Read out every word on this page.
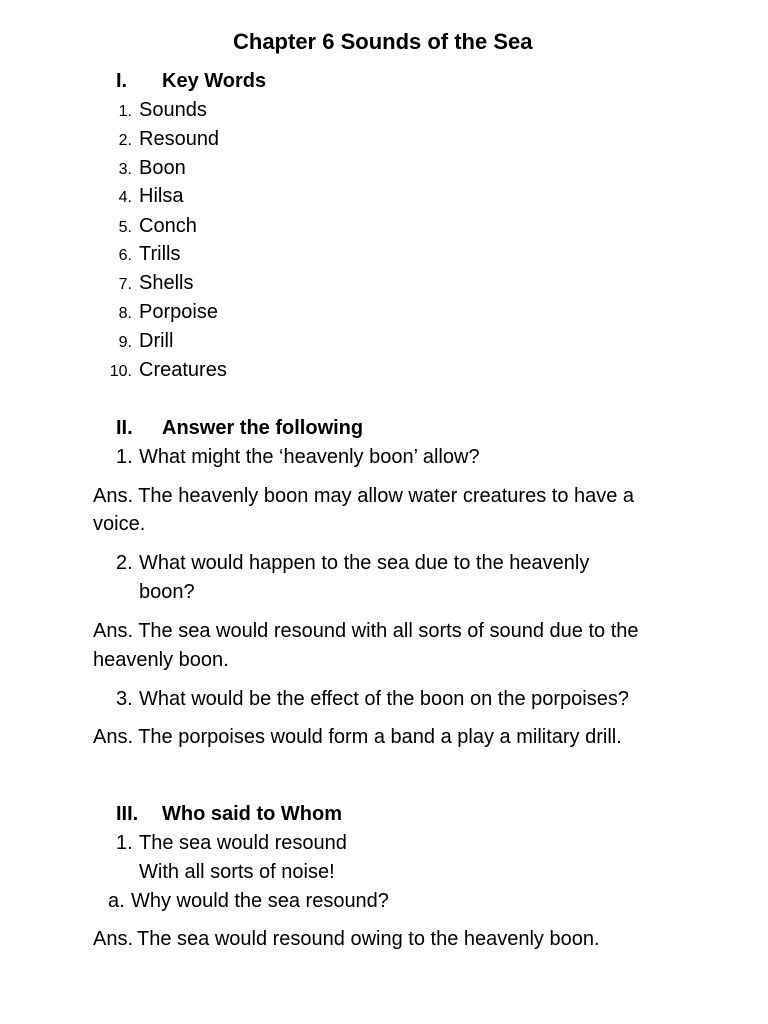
Chapter 6 Sounds of the Sea
I. Key Words
1. Sounds
2. Resound
3. Boon
4. Hilsa
5. Conch
6. Trills
7. Shells
8. Porpoise
9. Drill
10. Creatures
II. Answer the following
1. What might the ‘heavenly boon’ allow?
Ans. The heavenly boon may allow water creatures to have a
voice.
2. What would happen to the sea due to the heavenly
boon?
Ans. The sea would resound with all sorts of sound due to the
heavenly boon.
3. What would be the effect of the boon on the porpoises?
Ans. The porpoises would form a band a play a military drill.
III. Who said to Whom
1. The sea would resound
With all sorts of noise!
a. Why would the sea resound?
Ans. The sea would resound owing to the heavenly boon.
